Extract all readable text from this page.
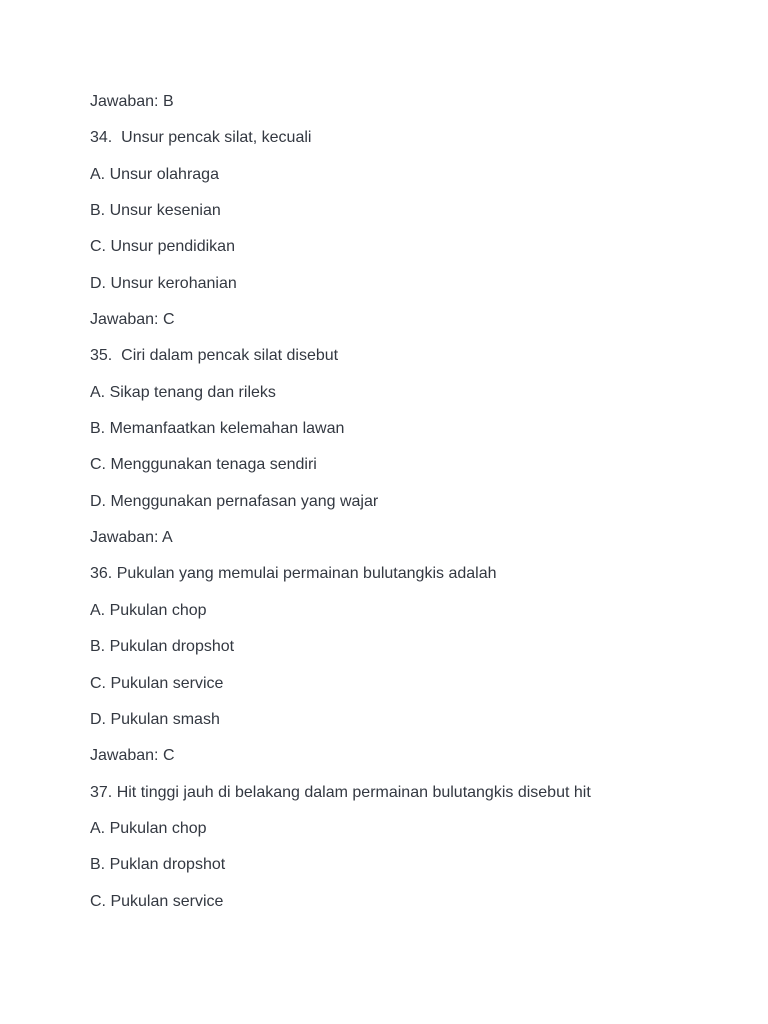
Jawaban: B
34.  Unsur pencak silat, kecuali
A. Unsur olahraga
B. Unsur kesenian
C. Unsur pendidikan
D. Unsur kerohanian
Jawaban: C
35.  Ciri dalam pencak silat disebut
A. Sikap tenang dan rileks
B. Memanfaatkan kelemahan lawan
C. Menggunakan tenaga sendiri
D. Menggunakan pernafasan yang wajar
Jawaban: A
36. Pukulan yang memulai permainan bulutangkis adalah
A. Pukulan chop
B. Pukulan dropshot
C. Pukulan service
D. Pukulan smash
Jawaban: C
37. Hit tinggi jauh di belakang dalam permainan bulutangkis disebut hit
A. Pukulan chop
B. Puklan dropshot
C. Pukulan service
